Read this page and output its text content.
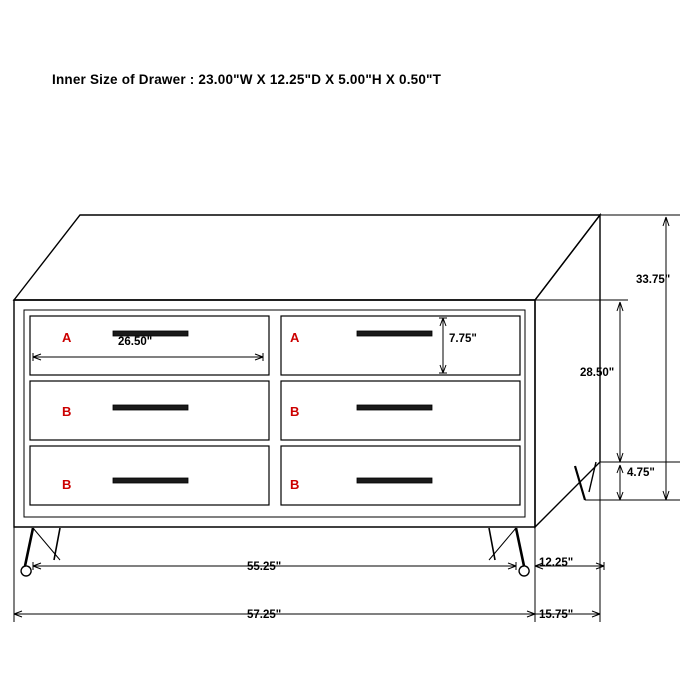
Inner Size of Drawer : 23.00"W X 12.25"D X 5.00"H X 0.50"T
A	A
B	B
B	B
26.50"	7.75"
33.75"
28.50"
4.75"
55.25"
57.25"
12.25"
15.75"
